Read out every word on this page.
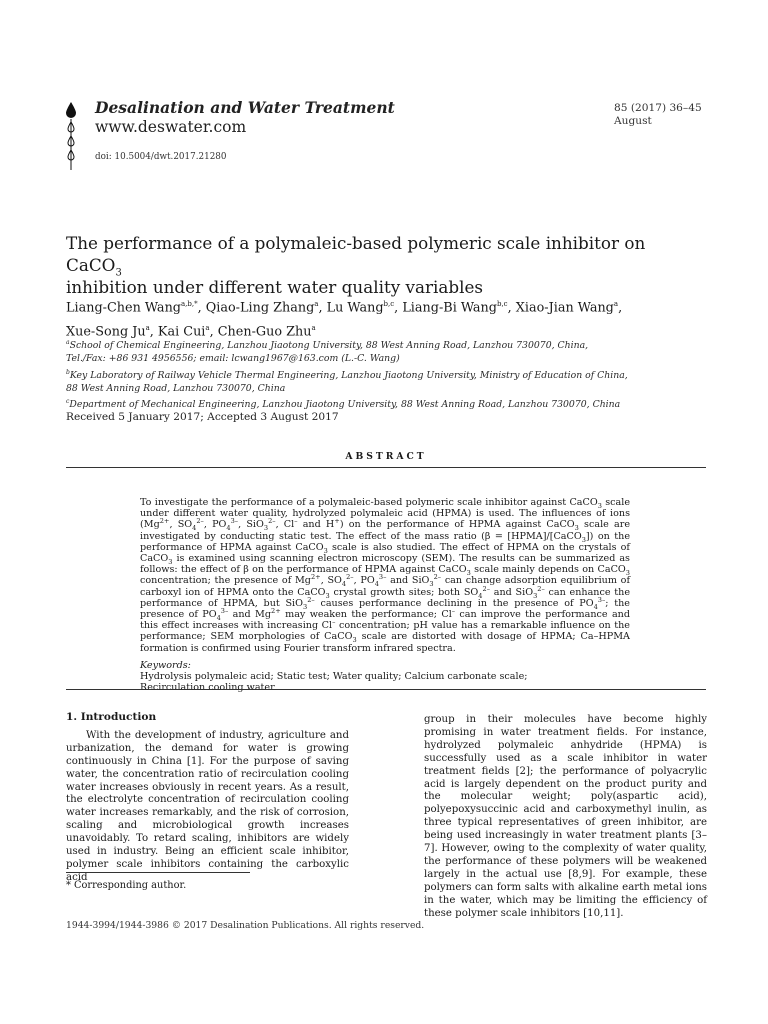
Desalination and Water Treatment
www.deswater.com
doi: 10.5004/dwt.2017.21280
85 (2017) 36–45
August
The performance of a polymaleic-based polymeric scale inhibitor on CaCO$_3$
inhibition under different water quality variables
Liang-Chen Wang$^{a,b,*}$, Qiao-Ling Zhang$^a$, Lu Wang$^{b,c}$, Liang-Bi Wang$^{b,c}$, Xiao-Jian Wang$^a$,
Xue-Song Ju$^a$, Kai Cui$^a$, Chen-Guo Zhu$^a$
$^a$School of Chemical Engineering, Lanzhou Jiaotong University, 88 West Anning Road, Lanzhou 730070, China,
Tel./Fax: +86 931 4956556; email: lcwang1967@163.com (L.-C. Wang)
$^b$Key Laboratory of Railway Vehicle Thermal Engineering, Lanzhou Jiaotong University, Ministry of Education of China,
88 West Anning Road, Lanzhou 730070, China
$^c$Department of Mechanical Engineering, Lanzhou Jiaotong University, 88 West Anning Road, Lanzhou 730070, China
Received 5 January 2017; Accepted 3 August 2017
ABSTRACT
To investigate the performance of a polymaleic-based polymeric scale inhibitor against CaCO$_3$ scale under different water quality, hydrolyzed polymaleic acid (HPMA) is used. The influences of ions ($Mg^{2+}$, $SO_4^{2-}$, $PO_4^{3-}$, SiO$_3^{2-}$, Cl– and H+) on the performance of HPMA against CaCO$_3$ scale are investigated by conducting static test. The effect of the mass ratio (β = [HPMA]/[CaCO$_3$]) on the performance of HPMA against CaCO$_3$ scale is also studied. The effect of HPMA on the crystals of CaCO$_3$ is examined using scanning electron microscopy (SEM). The results can be summarized as follows: the effect of β on the performance of HPMA against CaCO$_3$ scale mainly depends on CaCO$_3$ concentration; the presence of $Mg^{2+}$, $SO_4^{2-}$, $PO_4^{3-}$ and SiO$_3^{2-}$ can change adsorption equilibrium of carboxyl ion of HPMA onto the CaCO$_3$ crystal growth sites; both $SO_4^{2-}$ and SiO$_3^{2-}$ can enhance the performance of HPMA, but SiO$_3^{2-}$ causes performance declining in the presence of $PO_4^{3-}$; the presence of $PO_4^{3-}$ and $Mg^{2+}$ may weaken the performance; Cl– can improve the performance and this effect increases with increasing Cl– concentration; pH value has a remarkable influence on the performance; SEM morphologies of CaCO$_3$ scale are distorted with dosage of HPMA; Ca–HPMA formation is confirmed using Fourier transform infrared spectra.
Keywords: Hydrolysis polymaleic acid; Static test; Water quality; Calcium carbonate scale; Recirculation cooling water
1. Introduction

With the development of industry, agriculture and urbanization, the demand for water is growing continuously in China [1]. For the purpose of saving water, the concentration ratio of recirculation cooling water increases obviously in recent years. As a result, the electrolyte concentration of recirculation cooling water increases remarkably, and the risk of corrosion, scaling and microbiological growth increases unavoidably. To retard scaling, inhibitors are widely used in industry. Being an efficient scale inhibitor, polymer scale inhibitors containing the carboxylic acid

group in their molecules have become highly promising in water treatment fields. For instance, hydrolyzed polymaleic anhydride (HPMA) is successfully used as a scale inhibitor in water treatment fields [2]; the performance of polyacrylic acid is largely dependent on the product purity and the molecular weight; poly(aspartic acid), polyepoxysuccinic acid and carboxymethyl inulin, as three typical representatives of green inhibitor, are being used increasingly in water treatment plants [3–7]. However, owing to the complexity of water quality, the performance of these polymers will be weakened largely in the actual use [8,9]. For example, these polymers can form salts with alkaline earth metal ions in the water, which may be limiting the efficiency of these polymer scale inhibitors [10,11].

* Corresponding author.
1944-3994/1944-3986 © 2017 Desalination Publications. All rights reserved.
